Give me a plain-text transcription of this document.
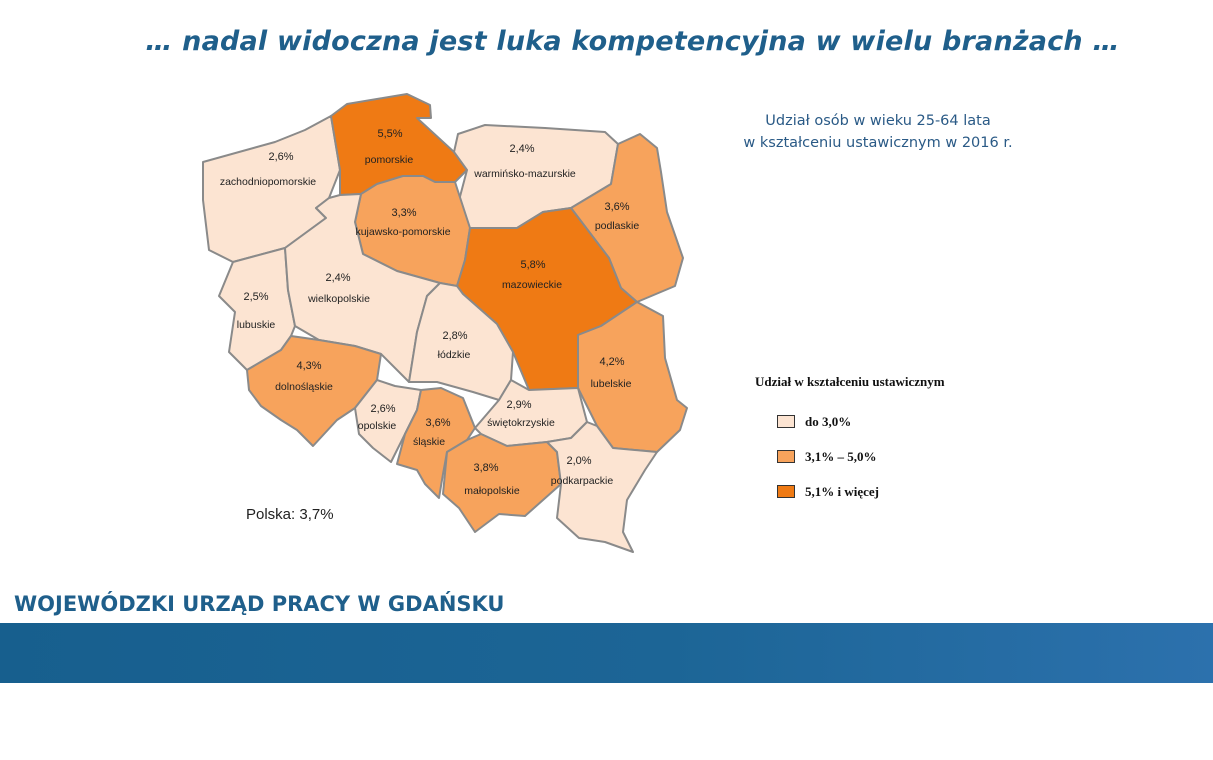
… nadal widoczna jest luka kompetencyjna w wielu branżach …
Udział osób w wieku 25-64 lata
w kształceniu ustawicznym w 2016 r.
2,6%
zachodniopomorskie
5,5%
pomorskie
2,4%
warmińsko-mazurskie
3,6%
podlaskie
3,3%
kujawsko-pomorskie
5,8%
mazowieckie
2,5%
lubuskie
2,4%
wielkopolskie
2,8%
łódzkie
4,2%
lubelskie
4,3%
dolnośląskie
2,6%
opolskie	3,6%
śląskie
2,9%
świętokrzyskie
3,8%
małopolskie
2,0%
podkarpackie
Polska: 3,7%
Udział w kształceniu ustawicznym
do 3,0%
3,1% – 5,0%
5,1% i więcej
WOJEWÓDZKI URZĄD PRACY W GDAŃSKU
